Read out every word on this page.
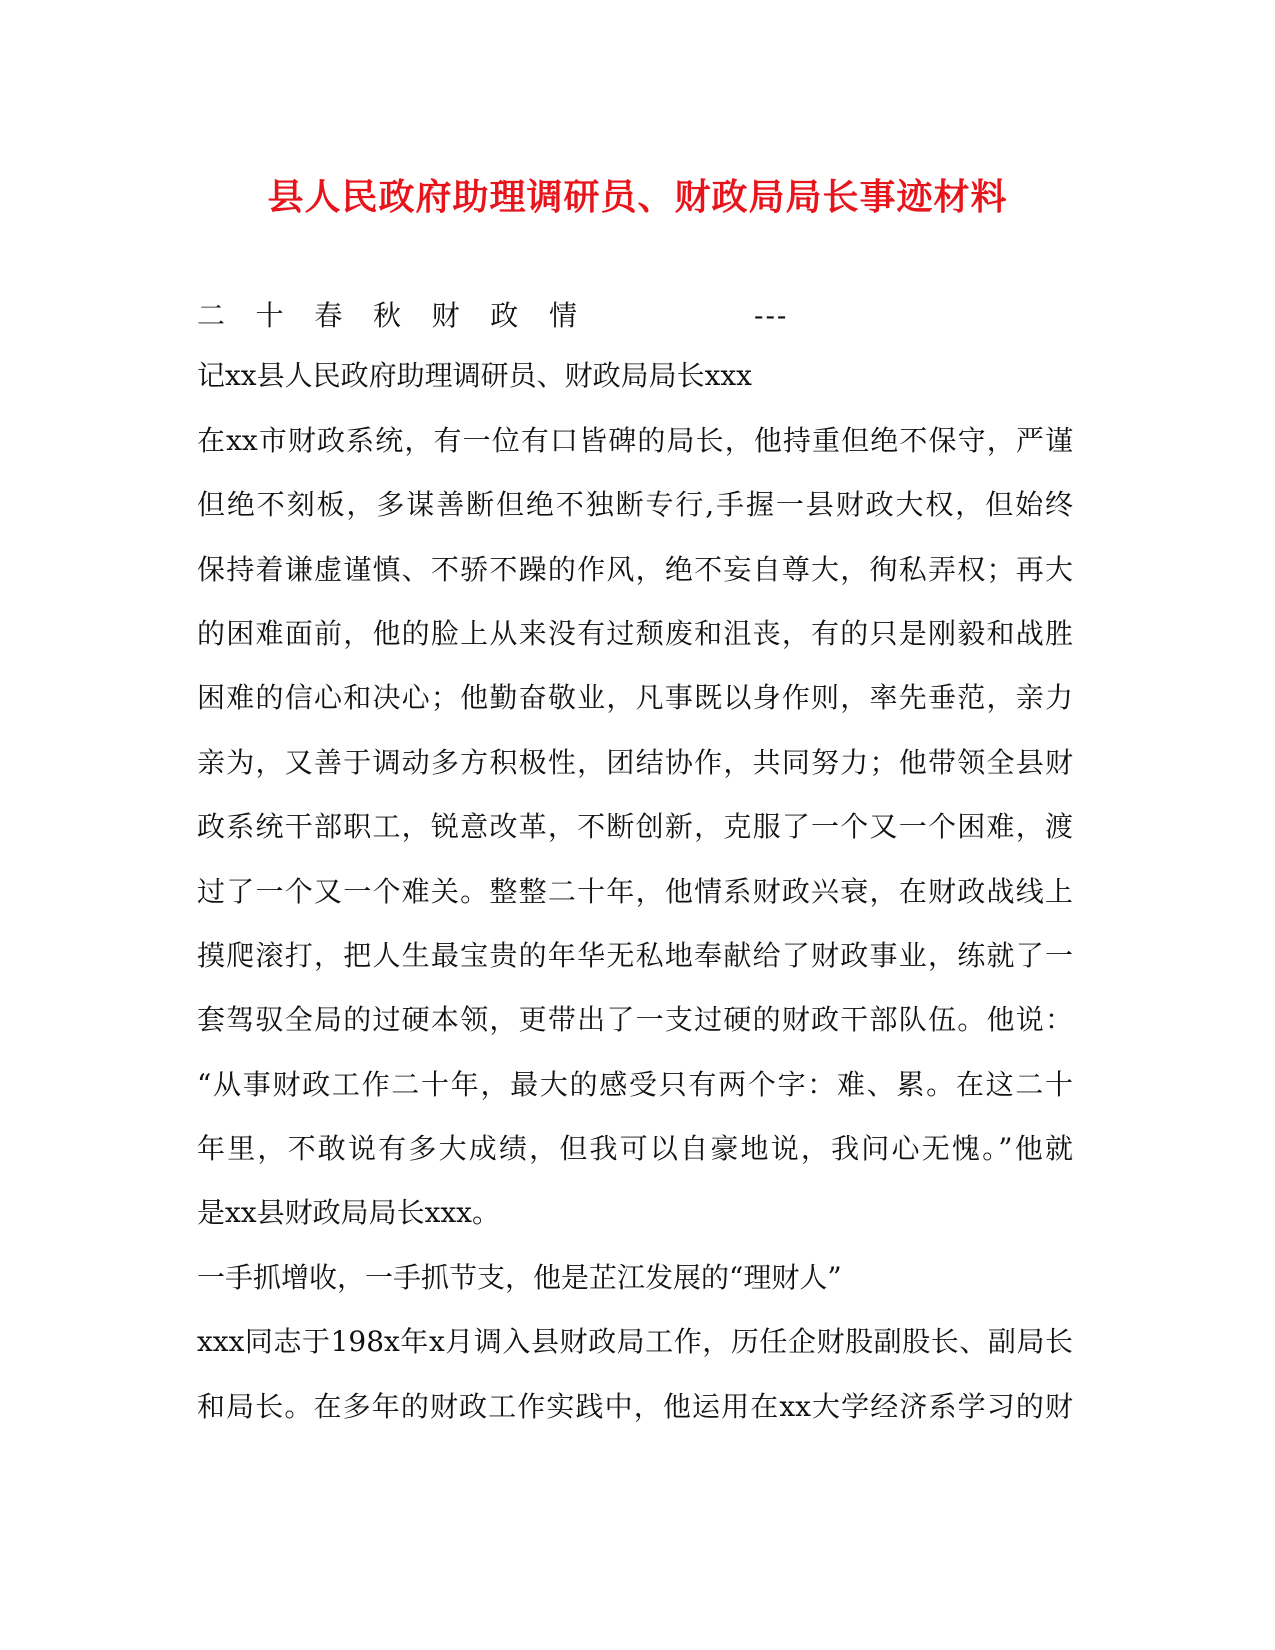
县人民政府助理调研员、财政局局长事迹材料
二 十 春 秋 财 政 情	---
记xx县人民政府助理调研员、财政局局长xxx
在xx市财政系统，有一位有口皆碑的局长，他持重但绝不保守，严谨
但绝不刻板，多谋善断但绝不独断专行,手握一县财政大权，但始终
保持着谦虚谨慎、不骄不躁的作风，绝不妄自尊大，徇私弄权；再大
的困难面前，他的脸上从来没有过颓废和沮丧，有的只是刚毅和战胜
困难的信心和决心；他勤奋敬业，凡事既以身作则，率先垂范，亲力
亲为，又善于调动多方积极性，团结协作，共同努力；他带领全县财
政系统干部职工，锐意改革，不断创新，克服了一个又一个困难，渡
过了一个又一个难关。整整二十年，他情系财政兴衰，在财政战线上
摸爬滚打，把人生最宝贵的年华无私地奉献给了财政事业，练就了一
套驾驭全局的过硬本领，更带出了一支过硬的财政干部队伍。他说：
“从事财政工作二十年，最大的感受只有两个字：难、累。在这二十
年里，不敢说有多大成绩，但我可以自豪地说，我问心无愧。”他就
是xx县财政局局长xxx。
一手抓增收，一手抓节支，他是芷江发展的“理财人”
xxx同志于198x年x月调入县财政局工作，历任企财股副股长、副局长
和局长。在多年的财政工作实践中，他运用在xx大学经济系学习的财
